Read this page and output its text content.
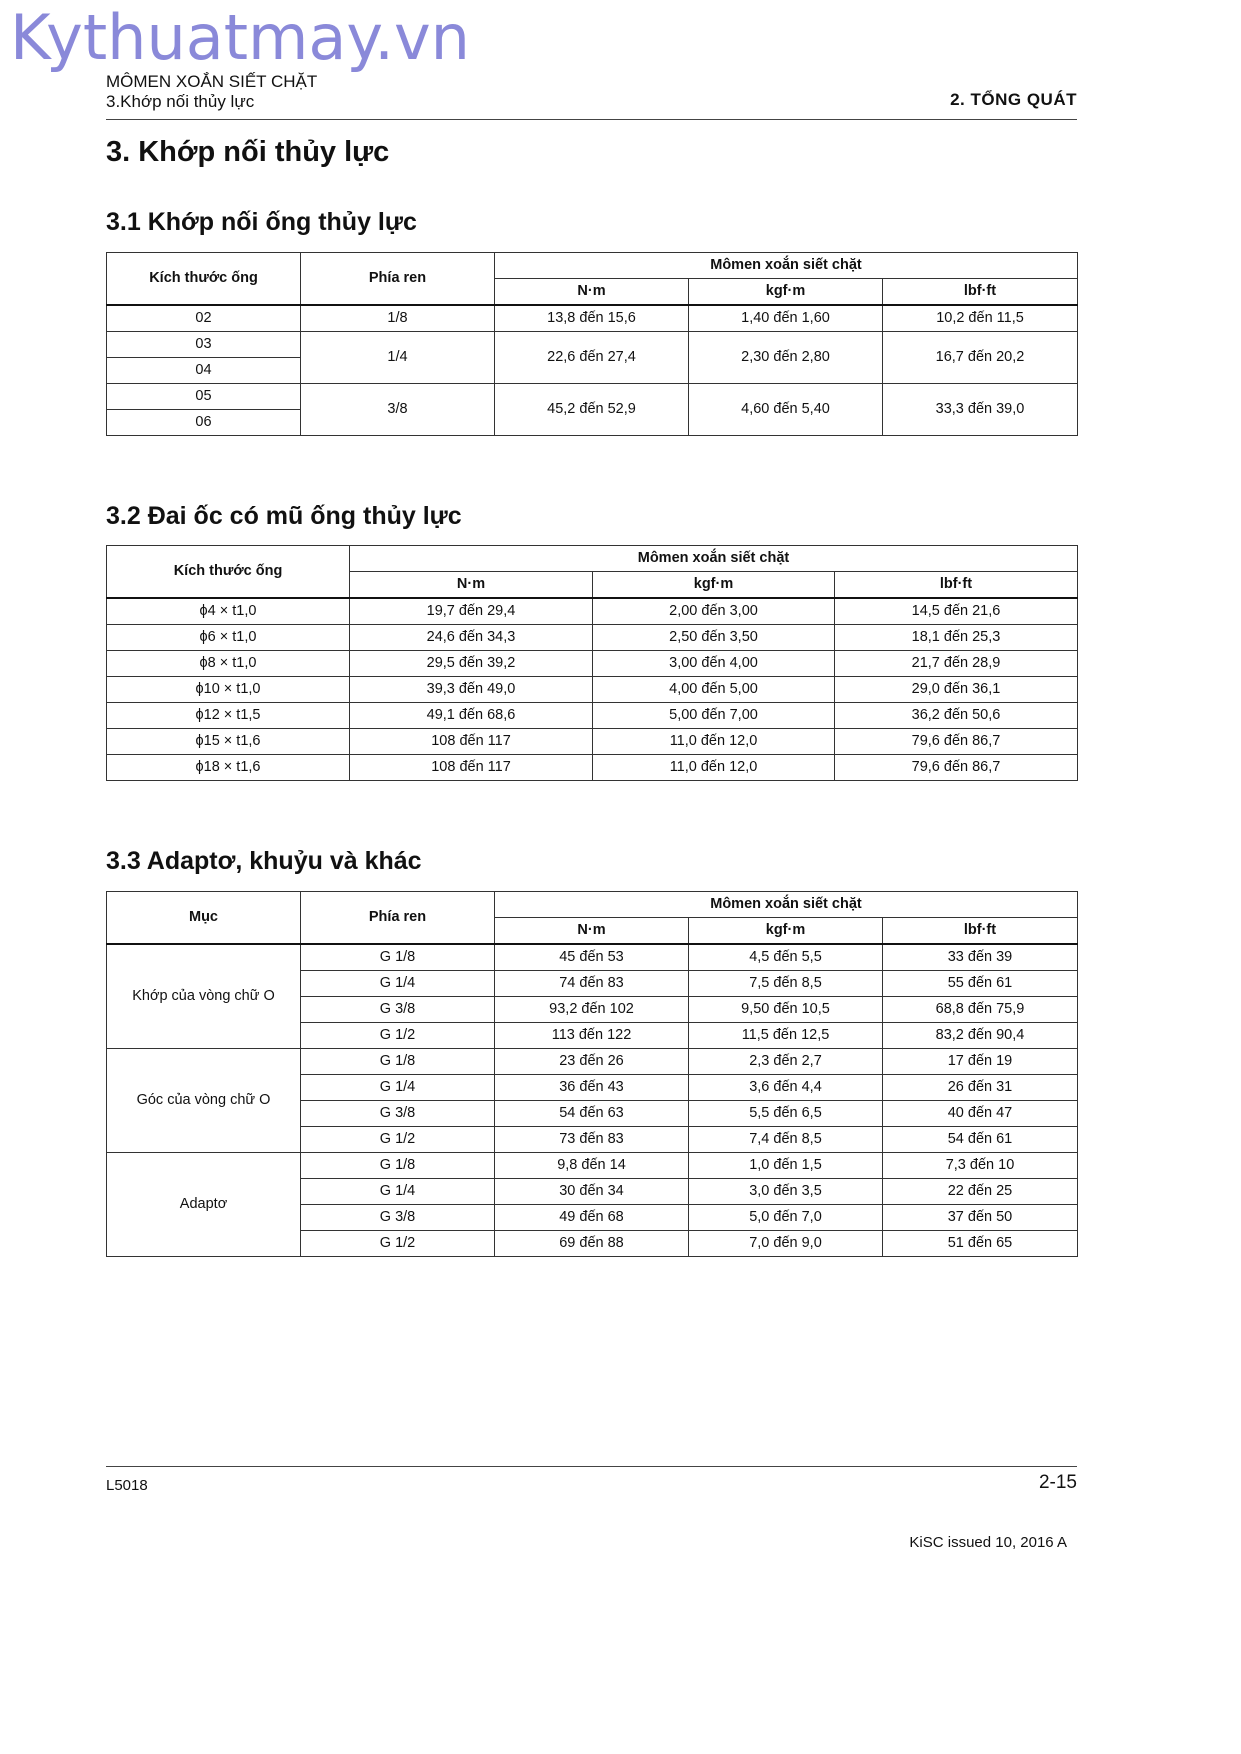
Kythuatmay.vn
MÔMEN XOẮN SIẾT CHẶT
3.Khớp nối thủy lực	2. TỔNG QUÁT
3. Khớp nối thủy lực
3.1 Khớp nối ống thủy lực
Kích thước ống	Phía ren	Mômen xoắn siết chặt		
		N·m	kgf·m	lbf·ft
02	1/8	13,8 đến 15,6	1,40 đến 1,60	10,2 đến 11,5
03	1/4	22,6 đến 27,4	2,30 đến 2,80	16,7 đến 20,2
04				
05	3/8	45,2 đến 52,9	4,60 đến 5,40	33,3 đến 39,0
06				
3.2 Đai ốc có mũ ống thủy lực
Kích thước ống	Mômen xoắn siết chặt		
	N·m	kgf·m	lbf·ft
ϕ4 × t1,0	19,7 đến 29,4	2,00 đến 3,00	14,5 đến 21,6
ϕ6 × t1,0	24,6 đến 34,3	2,50 đến 3,50	18,1 đến 25,3
ϕ8 × t1,0	29,5 đến 39,2	3,00 đến 4,00	21,7 đến 28,9
ϕ10 × t1,0	39,3 đến 49,0	4,00 đến 5,00	29,0 đến 36,1
ϕ12 × t1,5	49,1 đến 68,6	5,00 đến 7,00	36,2 đến 50,6
ϕ15 × t1,6	108 đến 117	11,0 đến 12,0	79,6 đến 86,7
ϕ18 × t1,6	108 đến 117	11,0 đến 12,0	79,6 đến 86,7
3.3 Adaptơ, khuỷu và khác
Mục	Phía ren	Mômen xoắn siết chặt		
		N·m	kgf·m	lbf·ft
Khớp của vòng chữ O	G 1/8	45 đến 53	4,5 đến 5,5	33 đến 39
	G 1/4	74 đến 83	7,5 đến 8,5	55 đến 61
	G 3/8	93,2 đến 102	9,50 đến 10,5	68,8 đến 75,9
	G 1/2	113 đến 122	11,5 đến 12,5	83,2 đến 90,4
Góc của vòng chữ O	G 1/8	23 đến 26	2,3 đến 2,7	17 đến 19
	G 1/4	36 đến 43	3,6 đến 4,4	26 đến 31
	G 3/8	54 đến 63	5,5 đến 6,5	40 đến 47
	G 1/2	73 đến 83	7,4 đến 8,5	54 đến 61
Adaptơ	G 1/8	9,8 đến 14	1,0 đến 1,5	7,3 đến 10
	G 1/4	30 đến 34	3,0 đến 3,5	22 đến 25
	G 3/8	49 đến 68	5,0 đến 7,0	37 đến 50
	G 1/2	69 đến 88	7,0 đến 9,0	51 đến 65
L5018	2-15
KiSC issued 10, 2016 A
